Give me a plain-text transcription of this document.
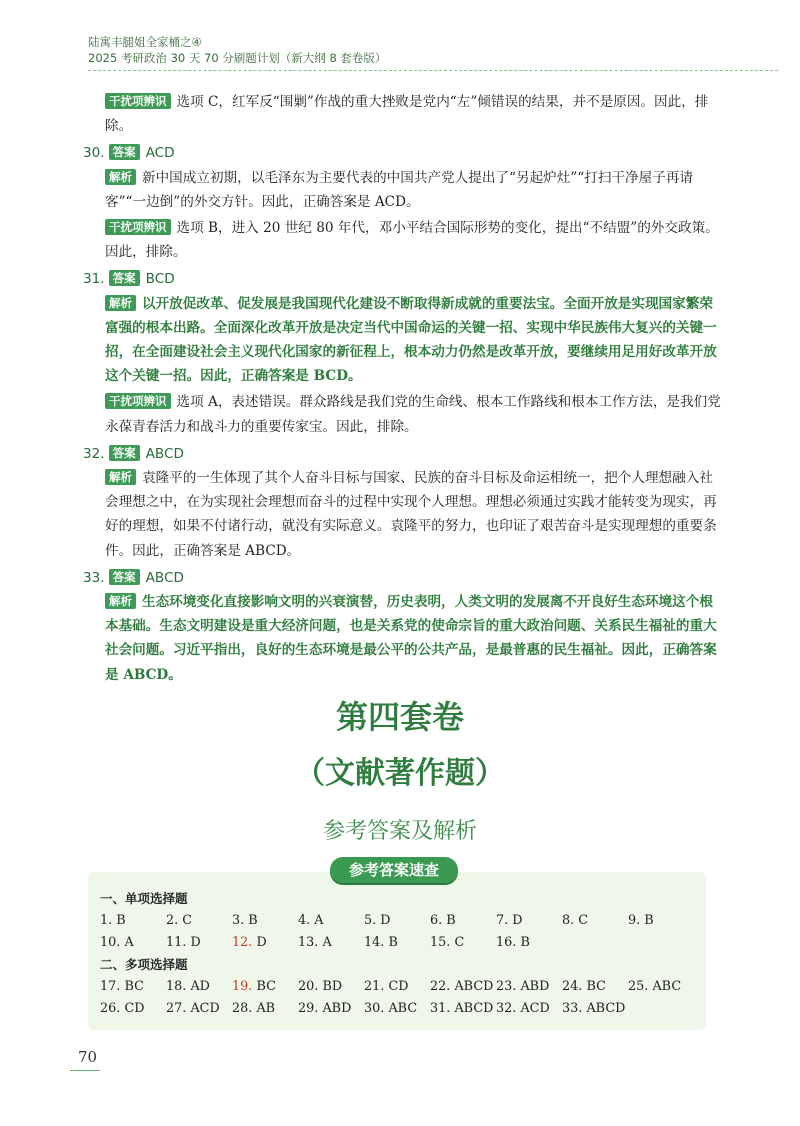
陆寓丰腿姐全家桶之④
2025 考研政治 30 天 70 分刷题计划（新大纲 8 套卷版）
干扰项辨识 选项 C，红军反“围剿”作战的重大挫败是党内“左”倾错误的结果，并不是原因。因此，排除。
30. 答案 ACD
解析 新中国成立初期，以毛泽东为主要代表的中国共产党人提出了“另起炉灶”“打扫干净屋子再请客”“一边倒”的外交方针。因此，正确答案是 ACD。
干扰项辨识 选项 B，进入 20 世纪 80 年代，邓小平结合国际形势的变化，提出“不结盟”的外交政策。因此，排除。
31. 答案 BCD
解析 以开放促改革、促发展是我国现代化建设不断取得新成就的重要法宝。全面开放是实现国家繁荣富强的根本出路。全面深化改革开放是决定当代中国命运的关键一招、实现中华民族伟大复兴的关键一招，在全面建设社会主义现代化国家的新征程上，根本动力仍然是改革开放，要继续用足用好改革开放这个关键一招。因此，正确答案是 BCD。
干扰项辨识 选项 A，表述错误。群众路线是我们党的生命线、根本工作路线和根本工作方法，是我们党永葆青春活力和战斗力的重要传家宝。因此，排除。
32. 答案 ABCD
解析 袁隆平的一生体现了其个人奋斗目标与国家、民族的奋斗目标及命运相统一，把个人理想融入社会理想之中，在为实现社会理想而奋斗的过程中实现个人理想。理想必须通过实践才能转变为现实，再好的理想，如果不付诸行动，就没有实际意义。袁隆平的努力，也印证了艰苦奋斗是实现理想的重要条件。因此，正确答案是 ABCD。
33. 答案 ABCD
解析 生态环境变化直接影响文明的兴衰演替，历史表明，人类文明的发展离不开良好生态环境这个根本基础。生态文明建设是重大经济问题，也是关系党的使命宗旨的重大政治问题、关系民生福祉的重大社会问题。习近平指出，良好的生态环境是最公平的公共产品，是最普惠的民生福祉。因此，正确答案是 ABCD。
第四套卷
（文献著作题）
参考答案及解析
参考答案速查
一、单项选择题
1. B	2. C	3. B	4. A	5. D	6. B	7. D	8. C	9. B
10. A	11. D	12. D	13. A	14. B	15. C	16. B
二、多项选择题
17. BC	18. AD	19. BC	20. BD	21. CD	22. ABCD 23. ABD 24. BC	25. ABC
26. CD	27. ACD 28. AB	29. ABD 30. ABC	31. ABCD 32. ACD 33. ABCD
70
